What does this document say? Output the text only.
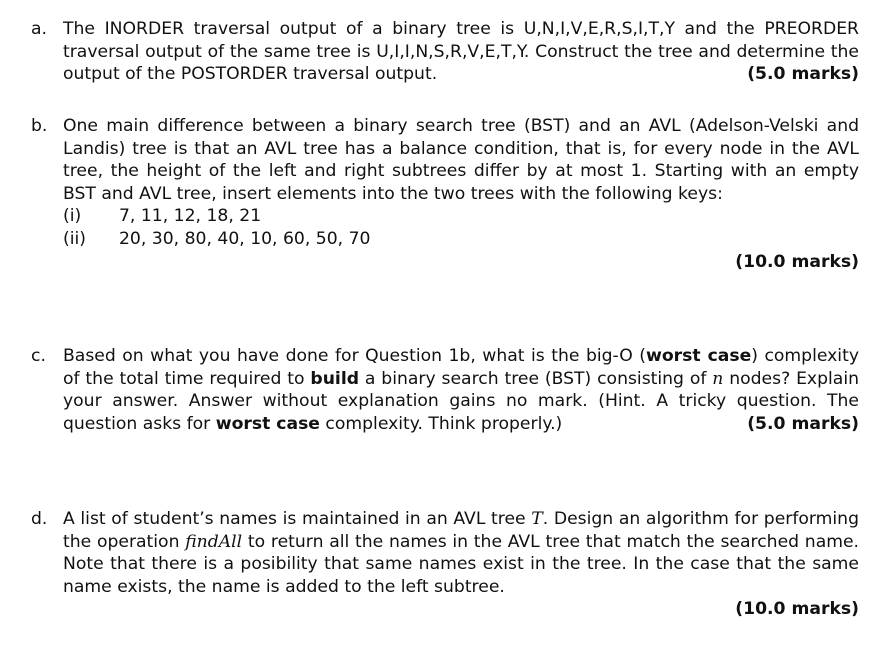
a. The INORDER traversal output of a binary tree is U,N,I,V,E,R,S,I,T,Y and the PREORDER traversal output of the same tree is U,I,I,N,S,R,V,E,T,Y. Construct the tree and determine the output of the POSTORDER traversal output.	(5.0 marks)
b. One main difference between a binary search tree (BST) and an AVL (Adelson-Velski and Landis) tree is that an AVL tree has a balance condition, that is, for every node in the AVL tree, the height of the left and right subtrees differ by at most 1. Starting with an empty BST and AVL tree, insert elements into the two trees with the following keys:
(i) 7, 11, 12, 18, 21
(ii) 20, 30, 80, 40, 10, 60, 50, 70
(10.0 marks)
c. Based on what you have done for Question 1b, what is the big-O (worst case) complexity of the total time required to build a binary search tree (BST) consisting of n nodes? Explain your answer. Answer without explanation gains no mark. (Hint. A tricky question. The question asks for worst case complexity. Think properly.)	(5.0 marks)
d. A list of student’s names is maintained in an AVL tree T. Design an algorithm for performing the operation findAll to return all the names in the AVL tree that match the searched name. Note that there is a posibility that same names exist in the tree. In the case that the same name exists, the name is added to the left subtree.
(10.0 marks)
